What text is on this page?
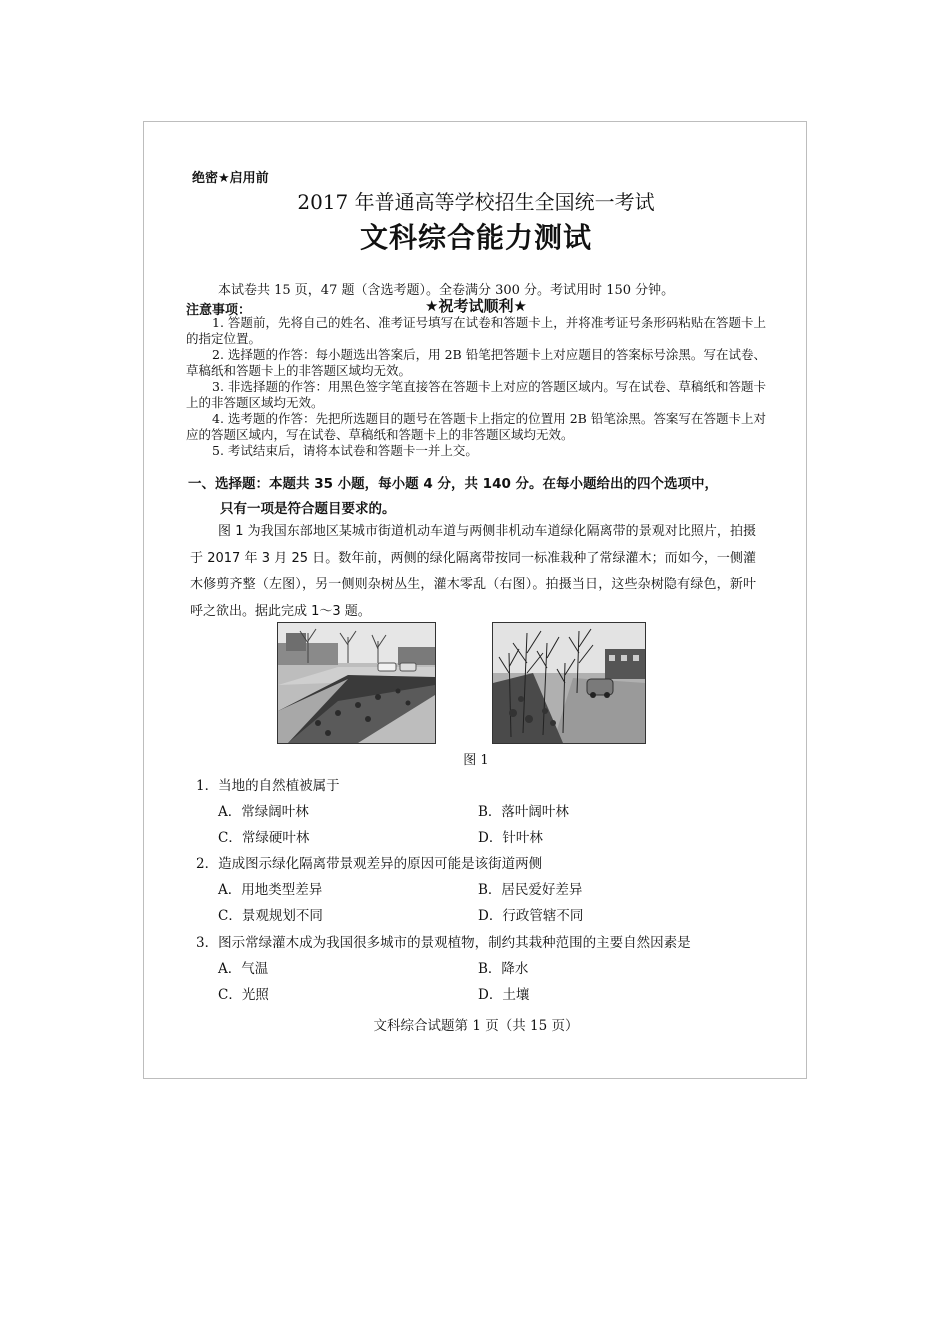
绝密★启用前
2017 年普通高等学校招生全国统一考试
文科综合能力测试
本试卷共 15 页，47 题（含选考题）。全卷满分 300 分。考试用时 150 分钟。
注意事项：	★祝考试顺利★

1. 答题前，先将自己的姓名、准考证号填写在试卷和答题卡上，并将准考证号条形码粘贴在答题卡上的指定位置。

2. 选择题的作答：每小题选出答案后，用 2B 铅笔把答题卡上对应题目的答案标号涂黑。写在试卷、草稿纸和答题卡上的非答题区域均无效。

3. 非选择题的作答：用黑色签字笔直接答在答题卡上对应的答题区域内。写在试卷、草稿纸和答题卡上的非答题区域均无效。

4. 选考题的作答：先把所选题目的题号在答题卡上指定的位置用 2B 铅笔涂黑。答案写在答题卡上对应的答题区域内，写在试卷、草稿纸和答题卡上的非答题区域均无效。

5. 考试结束后，请将本试卷和答题卡一并上交。

一、选择题：本题共 35 小题，每小题 4 分，共 140 分。在每小题给出的四个选项中，
只有一项是符合题目要求的。

图 1 为我国东部地区某城市街道机动车道与两侧非机动车道绿化隔离带的景观对比照片，拍摄于 2017 年 3 月 25 日。数年前，两侧的绿化隔离带按同一标准栽种了常绿灌木；而如今，一侧灌木修剪齐整（左图），另一侧则杂树丛生，灌木零乱（右图）。拍摄当日，这些杂树隐有绿色，新叶呼之欲出。据此完成 1～3 题。

图 1
1．当地的自然植被属于
A．常绿阔叶林	B．落叶阔叶林
C．常绿硬叶林	D．针叶林
2．造成图示绿化隔离带景观差异的原因可能是该街道两侧
A．用地类型差异	B．居民爱好差异
C．景观规划不同	D．行政管辖不同
3．图示常绿灌木成为我国很多城市的景观植物，制约其栽种范围的主要自然因素是
A．气温	B．降水
C．光照	D．土壤
文科综合试题第 1 页（共 15 页）
